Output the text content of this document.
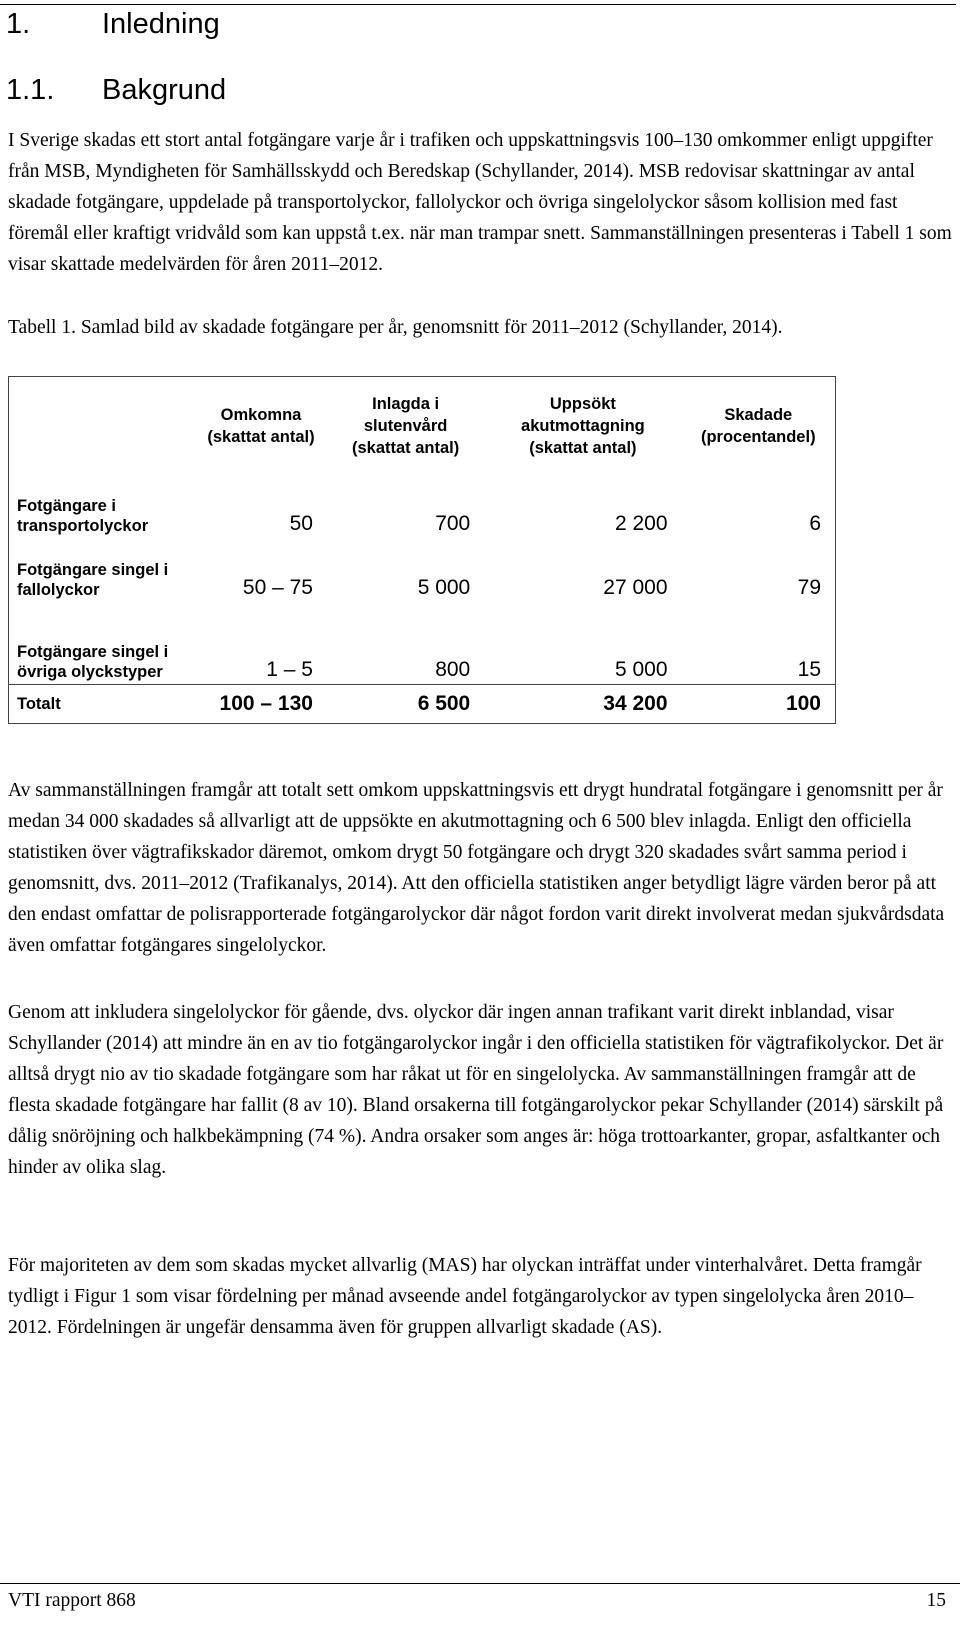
1. Inledning
1.1. Bakgrund

I Sverige skadas ett stort antal fotgängare varje år i trafiken och uppskattningsvis 100–130 omkommer enligt uppgifter från MSB, Myndigheten för Samhällsskydd och Beredskap (Schyllander, 2014). MSB redovisar skattningar av antal skadade fotgängare, uppdelade på transportolyckor, fallolyckor och övriga singelolyckor såsom kollision med fast föremål eller kraftigt vridvåld som kan uppstå t.ex. när man trampar snett. Sammanställningen presenteras i Tabell 1 som visar skattade medelvärden för åren 2011–2012.

Tabell 1. Samlad bild av skadade fotgängare per år, genomsnitt för 2011–2012 (Schyllander, 2014).

	Omkomna (skattat antal)	Inlagda i slutenvård (skattat antal)	Uppsökt akutmottagning (skattat antal)	Skadade (procentandel)
Fotgängare i transportolyckor	50	700	2 200	6
Fotgängare singel i fallolyckor	50 – 75	5 000	27 000	79
Fotgängare singel i övriga olyckstyper	1 – 5	800	5 000	15
Totalt	100 – 130	6 500	34 200	100

Av sammanställningen framgår att totalt sett omkom uppskattningsvis ett drygt hundratal fotgängare i genomsnitt per år medan 34 000 skadades så allvarligt att de uppsökte en akutmottagning och 6 500 blev inlagda. Enligt den officiella statistiken över vägtrafikskador däremot, omkom drygt 50 fotgängare och drygt 320 skadades svårt samma period i genomsnitt, dvs. 2011–2012 (Trafikanalys, 2014). Att den officiella statistiken anger betydligt lägre värden beror på att den endast omfattar de polisrapporterade fotgängarolyckor där något fordon varit direkt involverat medan sjukvårdsdata även omfattar fotgängares singelolyckor.

Genom att inkludera singelolyckor för gående, dvs. olyckor där ingen annan trafikant varit direkt inblandad, visar Schyllander (2014) att mindre än en av tio fotgängarolyckor ingår i den officiella statistiken för vägtrafikolyckor. Det är alltså drygt nio av tio skadade fotgängare som har råkat ut för en singelolycka. Av sammanställningen framgår att de flesta skadade fotgängare har fallit (8 av 10). Bland orsakerna till fotgängarolyckor pekar Schyllander (2014) särskilt på dålig snöröjning och halkbekämpning (74 %). Andra orsaker som anges är: höga trottoarkanter, gropar, asfaltkanter och hinder av olika slag.

För majoriteten av dem som skadas mycket allvarlig (MAS) har olyckan inträffat under vinterhalvåret. Detta framgår tydligt i Figur 1 som visar fördelning per månad avseende andel fotgängarolyckor av typen singelolycka åren 2010–2012. Fördelningen är ungefär densamma även för gruppen allvarligt skadade (AS).

VTI rapport 868	15
